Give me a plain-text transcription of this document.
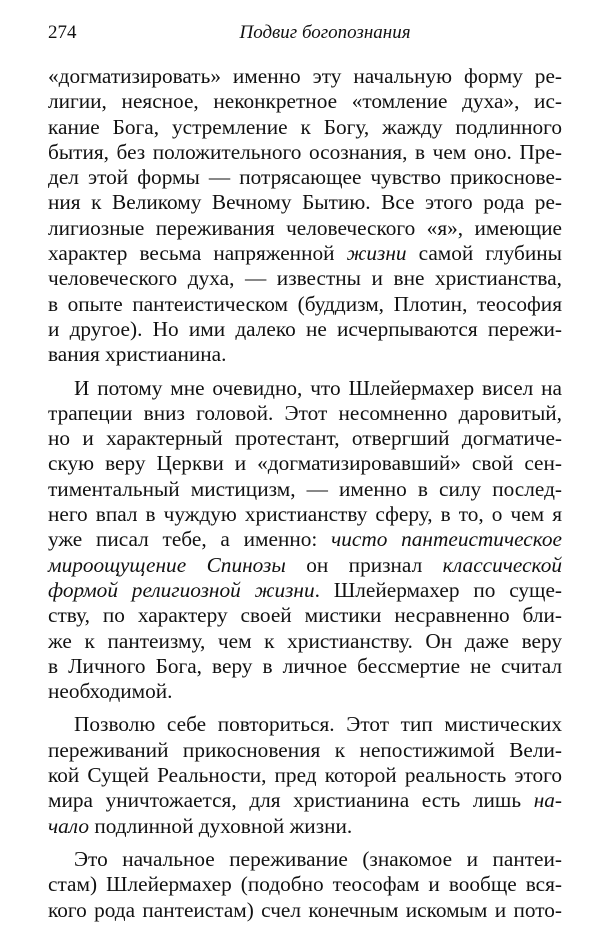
274	Подвиг богопознания
«догматизировать» именно эту начальную форму ре-
лигии, неясное, неконкретное «томление духа», ис-
кание Бога, устремление к Богу, жажду подлинного
бытия, без положительного осознания, в чем оно. Пре-
дел этой формы — потрясающее чувство прикоснове-
ния к Великому Вечному Бытию. Все этого рода ре-
лигиозные переживания человеческого «я», имеющие
характер весьма напряженной жизни самой глубины
человеческого духа, — известны и вне христианства,
в опыте пантеистическом (буддизм, Плотин, теософия
и другое). Но ими далеко не исчерпываются пережи-
вания христианина.
И потому мне очевидно, что Шлейермахер висел на
трапеции вниз головой. Этот несомненно даровитый,
но и характерный протестант, отвергший догматиче-
скую веру Церкви и «догматизировавший» свой сен-
тиментальный мистицизм, — именно в силу послед-
него впал в чуждую христианству сферу, в то, о чем я
уже писал тебе, а именно: чисто пантеистическое
мироощущение Спинозы он признал классической
формой религиозной жизни. Шлейермахер по суще-
ству, по характеру своей мистики несравненно бли-
же к пантеизму, чем к христианству. Он даже веру
в Личного Бога, веру в личное бессмертие не считал
необходимой.
Позволю себе повториться. Этот тип мистических
переживаний прикосновения к непостижимой Вели-
кой Сущей Реальности, пред которой реальность этого
мира уничтожается, для христианина есть лишь на-
чало подлинной духовной жизни.
Это начальное переживание (знакомое и пантеи-
стам) Шлейермахер (подобно теософам и вообще вся-
кого рода пантеистам) счел конечным искомым и пото-
